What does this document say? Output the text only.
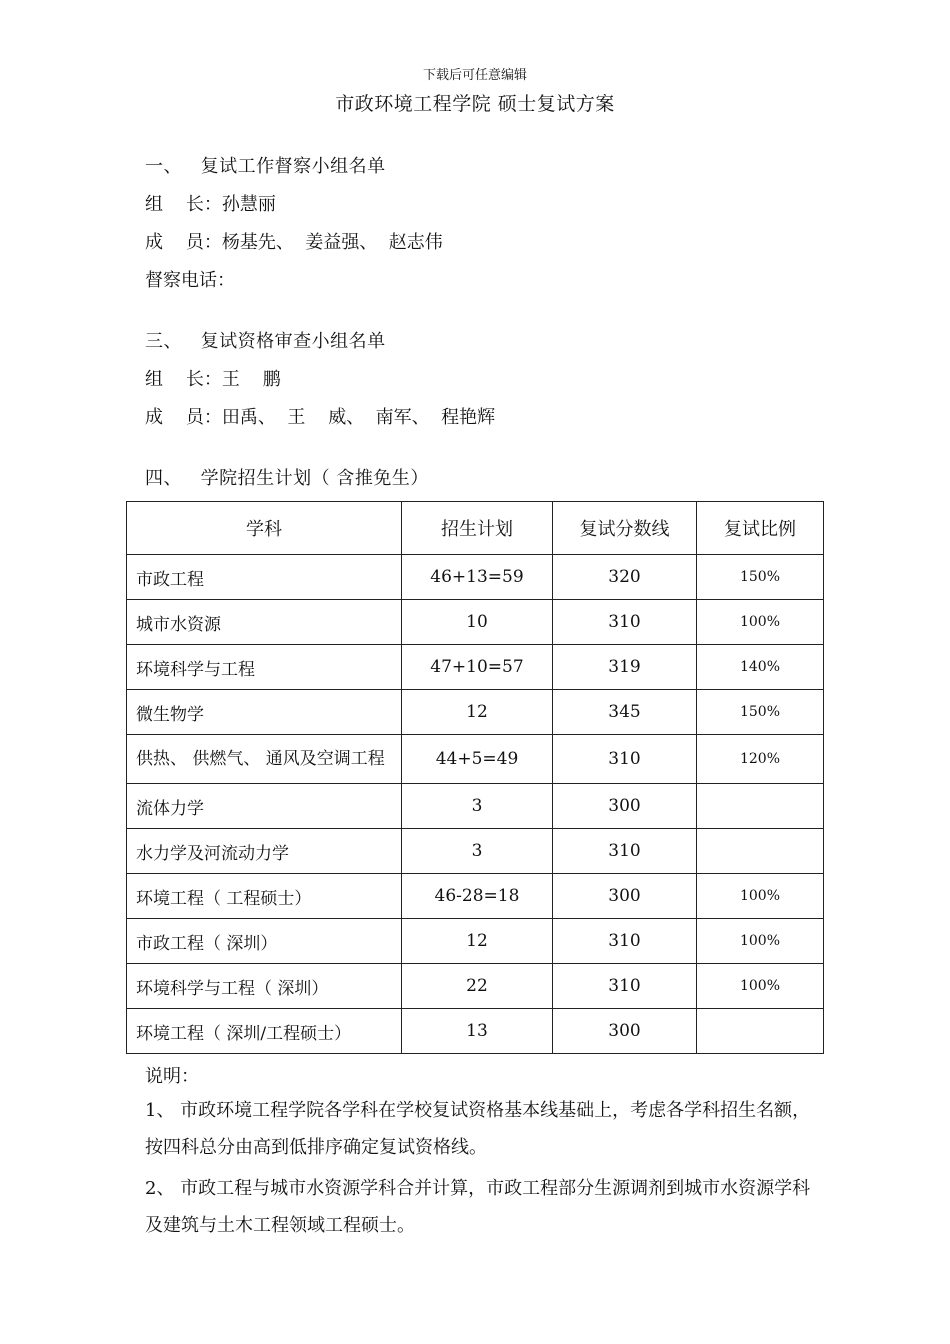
下载后可任意编辑
市政环境工程学院 硕士复试方案
一、   复试工作督察小组名单
组    长：孙慧丽
成    员：杨基先、  姜益强、  赵志伟
督察电话：
三、   复试资格审查小组名单
组    长：王    鹏
成    员：田禹、  王    威、  南军、  程艳辉
四、   学院招生计划（ 含推免生）
学科	招生计划	复试分数线	复试比例
市政工程	46+13=59	320	150%
城市水资源	10	310	100%
环境科学与工程	47+10=57	319	140%
微生物学	12	345	150%
供热、 供燃气、 通风及空调工程	44+5=49	310	120%
流体力学	3	300	
水力学及河流动力学	3	310	
环境工程（ 工程硕士）	46-28=18	300	100%
市政工程（ 深圳）	12	310	100%
环境科学与工程（ 深圳）	22	310	100%
环境工程（ 深圳/工程硕士）	13	300	
说明：
1、 市政环境工程学院各学科在学校复试资格基本线基础上，考虑各学科招生名额，按四科总分由高到低排序确定复试资格线。
2、 市政工程与城市水资源学科合并计算，市政工程部分生源调剂到城市水资源学科及建筑与土木工程领域工程硕士。
